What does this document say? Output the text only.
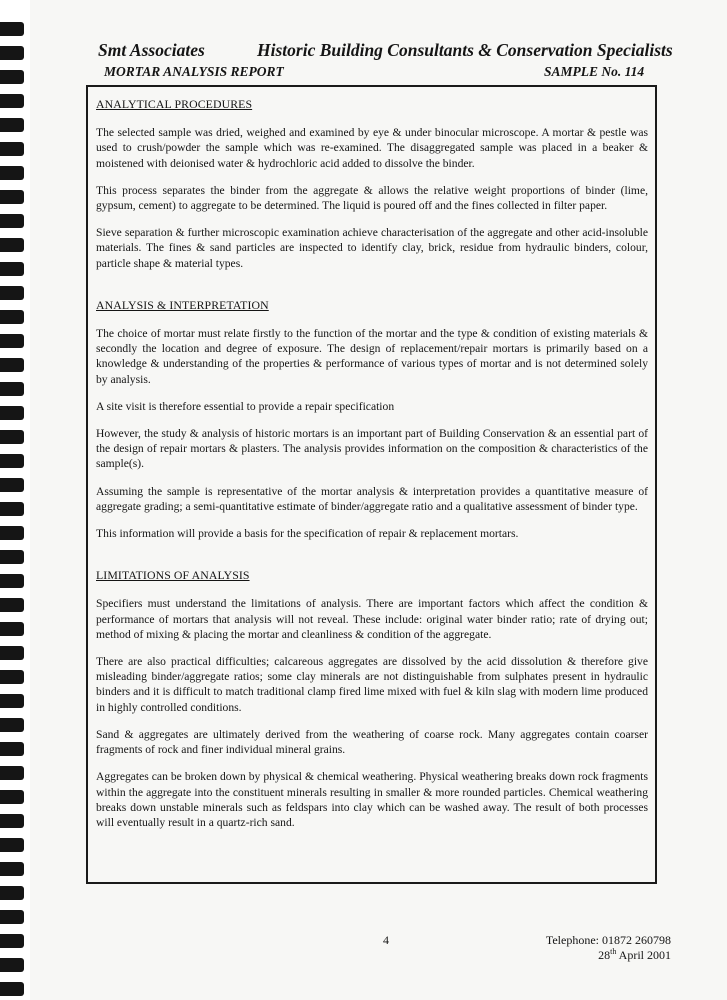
Smt Associates	Historic Building Consultants & Conservation Specialists
MORTAR ANALYSIS REPORT	SAMPLE No. 114
ANALYTICAL PROCEDURES

The selected sample was dried, weighed and examined by eye & under binocular microscope. A mortar & pestle was used to crush/powder the sample which was re-examined. The disaggregated sample was placed in a beaker & moistened with deionised water & hydrochloric acid added to dissolve the binder.

This process separates the binder from the aggregate & allows the relative weight proportions of binder (lime, gypsum, cement) to aggregate to be determined. The liquid is poured off and the fines collected in filter paper.

Sieve separation & further microscopic examination achieve characterisation of the aggregate and other acid-insoluble materials. The fines & sand particles are inspected to identify clay, brick, residue from hydraulic binders, colour, particle shape & material types.

ANALYSIS & INTERPRETATION

The choice of mortar must relate firstly to the function of the mortar and the type & condition of existing materials & secondly the location and degree of exposure. The design of replacement/repair mortars is primarily based on a knowledge & understanding of the properties & performance of various types of mortar and is not determined solely by analysis.

A site visit is therefore essential to provide a repair specification

However, the study & analysis of historic mortars is an important part of Building Conservation & an essential part of the design of repair mortars & plasters. The analysis provides information on the composition & characteristics of the sample(s).

Assuming the sample is representative of the mortar analysis & interpretation provides a quantitative measure of aggregate grading; a semi-quantitative estimate of binder/aggregate ratio and a qualitative assessment of binder type.

This information will provide a basis for the specification of repair & replacement mortars.

LIMITATIONS OF ANALYSIS

Specifiers must understand the limitations of analysis. There are important factors which affect the condition & performance of mortars that analysis will not reveal. These include: original water binder ratio; rate of drying out; method of mixing & placing the mortar and cleanliness & condition of the aggregate.

There are also practical difficulties; calcareous aggregates are dissolved by the acid dissolution & therefore give misleading binder/aggregate ratios; some clay minerals are not distinguishable from sulphates present in hydraulic binders and it is difficult to match traditional clamp fired lime mixed with fuel & kiln slag with modern lime produced in highly controlled conditions.

Sand & aggregates are ultimately derived from the weathering of coarse rock. Many aggregates contain coarser fragments of rock and finer individual mineral grains.

Aggregates can be broken down by physical & chemical weathering. Physical weathering breaks down rock fragments within the aggregate into the constituent minerals resulting in smaller & more rounded particles. Chemical weathering breaks down unstable minerals such as feldspars into clay which can be washed away. The result of both processes will eventually result in a quartz-rich sand.

4	Telephone: 01872 260798
28th April 2001
